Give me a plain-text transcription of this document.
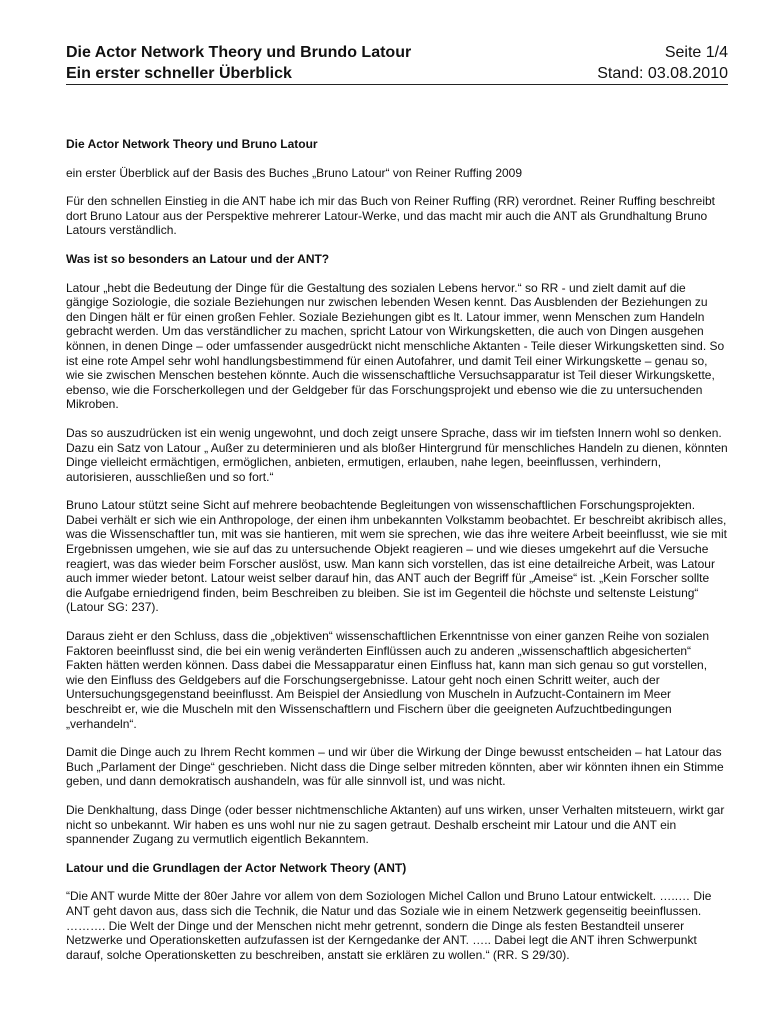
Die Actor Network Theory und Brundo Latour	Seite 1/4
Ein erster schneller Überblick	Stand: 03.08.2010

Die Actor Network Theory und Bruno Latour

ein erster Überblick auf der Basis des Buches „Bruno Latour“ von Reiner Ruffing 2009

Für den schnellen Einstieg in die ANT habe ich mir das Buch von Reiner Ruffing (RR) verordnet. Reiner Ruffing beschreibt dort Bruno Latour aus der Perspektive mehrerer Latour-Werke, und das macht mir auch die ANT als Grundhaltung Bruno Latours verständlich.

Was ist so besonders an Latour und der ANT?

Latour „hebt die Bedeutung der Dinge für die Gestaltung des sozialen Lebens hervor.“ so RR - und zielt damit auf die gängige Soziologie, die soziale Beziehungen nur zwischen lebenden Wesen kennt. Das Ausblenden der Beziehungen zu den Dingen hält er für einen großen Fehler. Soziale Beziehungen gibt es lt. Latour immer, wenn Menschen zum Handeln gebracht werden. Um das verständlicher zu machen, spricht Latour von Wirkungsketten, die auch von Dingen ausgehen können, in denen Dinge – oder umfassender ausgedrückt nicht menschliche Aktanten - Teile dieser Wirkungsketten sind. So ist eine rote Ampel sehr wohl handlungsbestimmend für einen Autofahrer, und damit Teil einer Wirkungskette – genau so, wie sie zwischen Menschen bestehen könnte. Auch die wissenschaftliche Versuchsapparatur ist Teil dieser Wirkungskette, ebenso, wie die Forscherkollegen und der Geldgeber für das Forschungsprojekt und ebenso wie die zu untersuchenden Mikroben.

Das so auszudrücken ist ein wenig ungewohnt, und doch zeigt unsere Sprache, dass wir im tiefsten Innern wohl so denken. Dazu ein Satz von Latour „ Außer zu determinieren und als bloßer Hintergrund für menschliches Handeln zu dienen, könnten Dinge vielleicht ermächtigen, ermöglichen, anbieten, ermutigen, erlauben, nahe legen, beeinflussen, verhindern, autorisieren, ausschließen und so fort.“

Bruno Latour stützt seine Sicht auf mehrere beobachtende Begleitungen von wissenschaftlichen Forschungsprojekten. Dabei verhält er sich wie ein Anthropologe, der einen ihm unbekannten Volkstamm beobachtet. Er beschreibt akribisch alles, was die Wissenschaftler tun, mit was sie hantieren, mit wem sie sprechen, wie das ihre weitere Arbeit beeinflusst, wie sie mit Ergebnissen umgehen, wie sie auf das zu untersuchende Objekt reagieren – und wie dieses umgekehrt auf die Versuche reagiert, was das wieder beim Forscher auslöst, usw. Man kann sich vorstellen, das ist eine detailreiche Arbeit, was Latour auch immer wieder betont. Latour weist selber darauf hin, das ANT auch der Begriff für „Ameise“ ist. „Kein Forscher sollte die Aufgabe erniedrigend finden, beim Beschreiben zu bleiben. Sie ist im Gegenteil die höchste und seltenste Leistung“ (Latour SG: 237).

Daraus zieht er den Schluss, dass die „objektiven“ wissenschaftlichen Erkenntnisse von einer ganzen Reihe von sozialen Faktoren beeinflusst sind, die bei ein wenig veränderten Einflüssen auch zu anderen „wissenschaftlich abgesicherten“ Fakten hätten werden können. Dass dabei die Messapparatur einen Einfluss hat, kann man sich genau so gut vorstellen, wie den Einfluss des Geldgebers auf die Forschungsergebnisse. Latour geht noch einen Schritt weiter, auch der Untersuchungsgegenstand beeinflusst. Am Beispiel der Ansiedlung von Muscheln in Aufzucht-Containern im Meer beschreibt er, wie die Muscheln mit den Wissenschaftlern und Fischern über die geeigneten Aufzuchtbedingungen „verhandeln“.

Damit die Dinge auch zu Ihrem Recht kommen – und wir über die Wirkung der Dinge bewusst entscheiden – hat Latour das Buch „Parlament der Dinge“ geschrieben. Nicht dass die Dinge selber mitreden könnten, aber wir könnten ihnen ein Stimme geben, und dann demokratisch aushandeln, was für alle sinnvoll ist, und was nicht.

Die Denkhaltung, dass Dinge (oder besser nichtmenschliche Aktanten) auf uns wirken, unser Verhalten mitsteuern, wirkt gar nicht so unbekannt. Wir haben es uns wohl nur nie zu sagen getraut. Deshalb erscheint mir Latour und die ANT ein spannender Zugang zu vermutlich eigentlich Bekanntem.

Latour und die Grundlagen der Actor Network Theory (ANT)

“Die ANT wurde Mitte der 80er Jahre vor allem von dem Soziologen Michel Callon und Bruno Latour entwickelt. …..… Die ANT geht davon aus, dass sich die Technik, die Natur und das Soziale wie in einem Netzwerk gegenseitig beeinflussen. ………. Die Welt der Dinge und der Menschen nicht mehr getrennt, sondern die Dinge als festen Bestandteil unserer Netzwerke und Operationsketten aufzufassen ist der Kerngedanke der ANT. ….. Dabei legt die ANT ihren Schwerpunkt darauf, solche Operationsketten zu beschreiben, anstatt sie erklären zu wollen.“ (RR. S 29/30).
